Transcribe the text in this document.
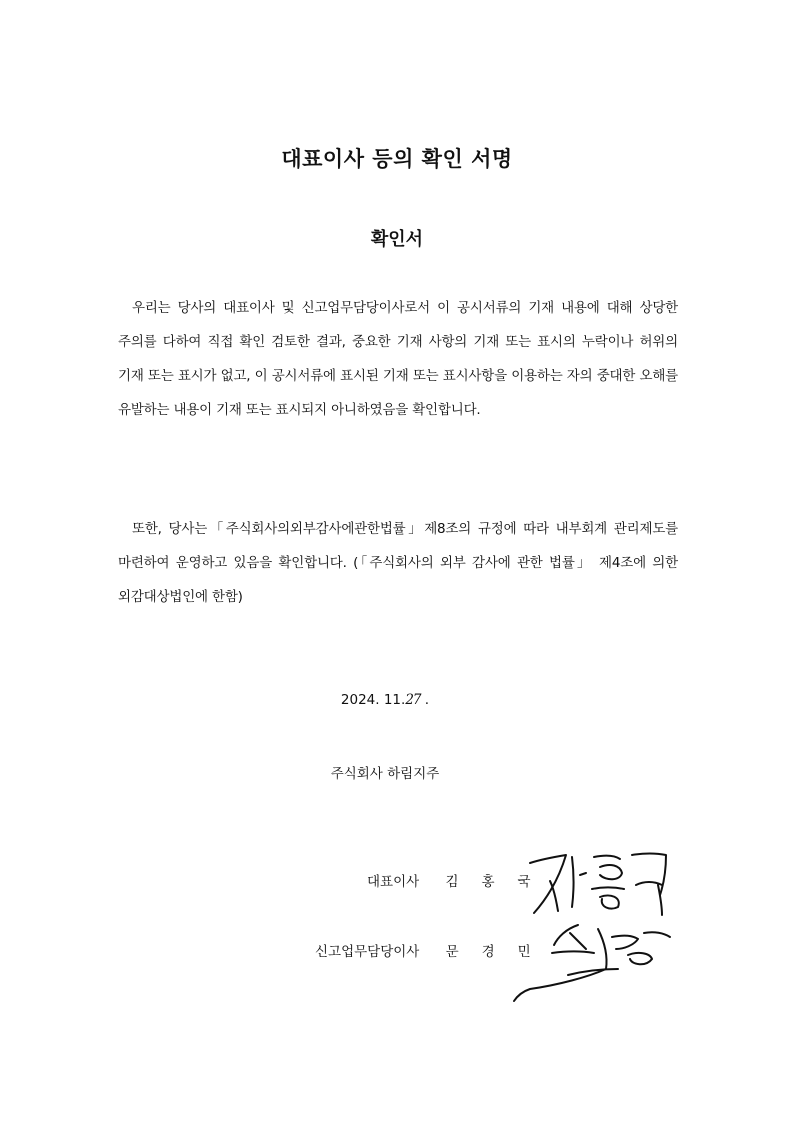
대표이사 등의 확인 서명
확인서
우리는 당사의 대표이사 및 신고업무담당이사로서 이 공시서류의 기재 내용에 대해 상당한 주의를 다하여 직접 확인 검토한 결과, 중요한 기재 사항의 기재 또는 표시의 누락이나 허위의 기재 또는 표시가 없고, 이 공시서류에 표시된 기재 또는 표시사항을 이용하는 자의 중대한 오해를 유발하는 내용이 기재 또는 표시되지 아니하였음을 확인합니다.
또한, 당사는「주식회사의외부감사에관한법률」제8조의 규정에 따라 내부회계 관리제도를 마련하여 운영하고 있음을 확인합니다. (「주식회사의 외부 감사에 관한 법률」 제4조에 의한 외감대상법인에 한함)
2024. 11.27 .
주식회사 하림지주
대표이사 김 홍 국
신고업무담당이사 문 경 민
